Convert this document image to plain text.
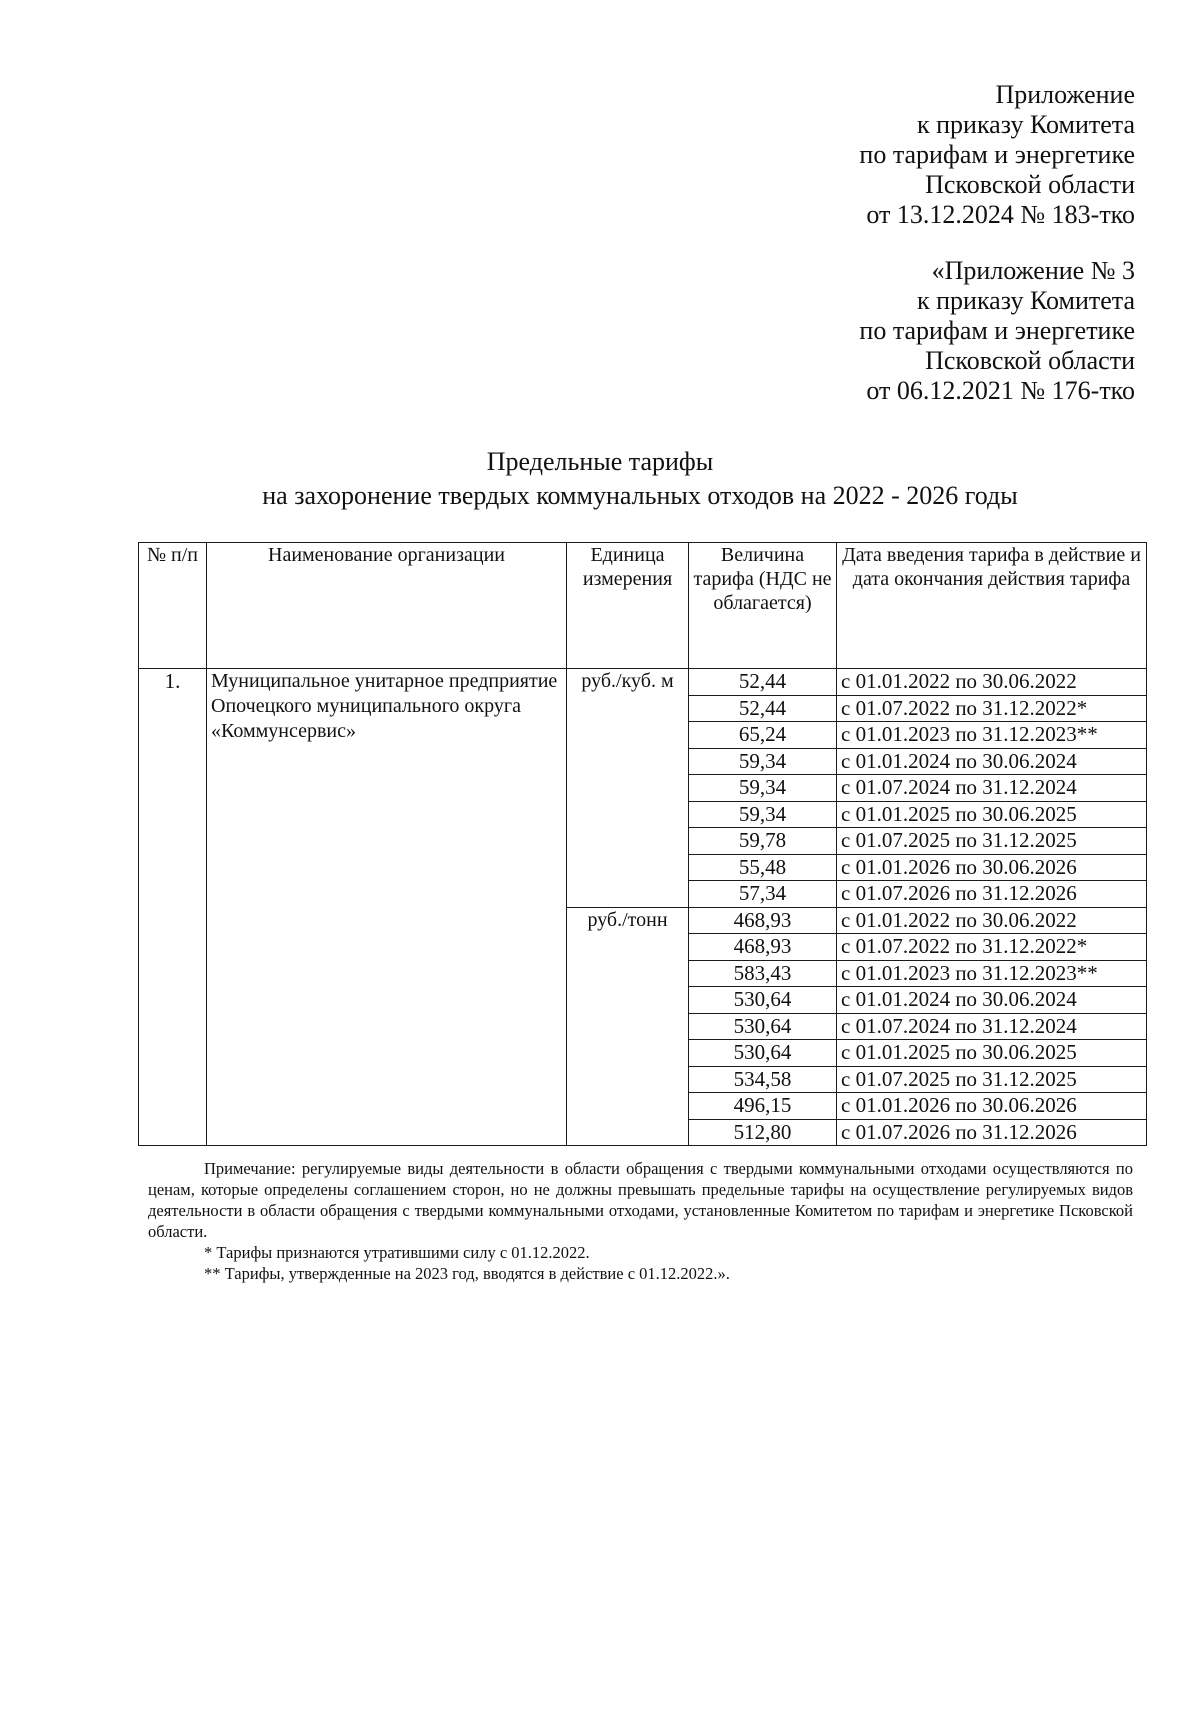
Приложение
к приказу Комитета
по тарифам и энергетике
Псковской области
от 13.12.2024 № 183-тко
«Приложение № 3
к приказу Комитета
по тарифам и энергетике
Псковской области
от 06.12.2021 № 176-тко
Предельные тарифы
на захоронение твердых коммунальных отходов на 2022 - 2026 годы
№ п/п	Наименование организации	Единица измерения	Величина тарифа (НДС не облагается)	Дата введения тарифа в действие и дата окончания действия тарифа
1.	Муниципальное унитарное предприятие Опочецкого муниципального округа «Коммунсервис»	руб./куб. м	52,44	с 01.01.2022 по 30.06.2022
			52,44	с 01.07.2022 по 31.12.2022*
			65,24	с 01.01.2023 по 31.12.2023**
			59,34	с 01.01.2024 по 30.06.2024
			59,34	с 01.07.2024 по 31.12.2024
			59,34	с 01.01.2025 по 30.06.2025
			59,78	с 01.07.2025 по 31.12.2025
			55,48	с 01.01.2026 по 30.06.2026
			57,34	с 01.07.2026 по 31.12.2026
		руб./тонн	468,93	с 01.01.2022 по 30.06.2022
			468,93	с 01.07.2022 по 31.12.2022*
			583,43	с 01.01.2023 по 31.12.2023**
			530,64	с 01.01.2024 по 30.06.2024
			530,64	с 01.07.2024 по 31.12.2024
			530,64	с 01.01.2025 по 30.06.2025
			534,58	с 01.07.2025 по 31.12.2025
			496,15	с 01.01.2026 по 30.06.2026
			512,80	с 01.07.2026 по 31.12.2026

Примечание: регулируемые виды деятельности в области обращения с твердыми коммунальными отходами осуществляются по ценам, которые определены соглашением сторон, но не должны превышать предельные тарифы на осуществление регулируемых видов деятельности в области обращения с твердыми коммунальными отходами, установленные Комитетом по тарифам и энергетике Псковской области.

* Тарифы признаются утратившими силу с 01.12.2022.

** Тарифы, утвержденные на 2023 год, вводятся в действие с 01.12.2022.».
